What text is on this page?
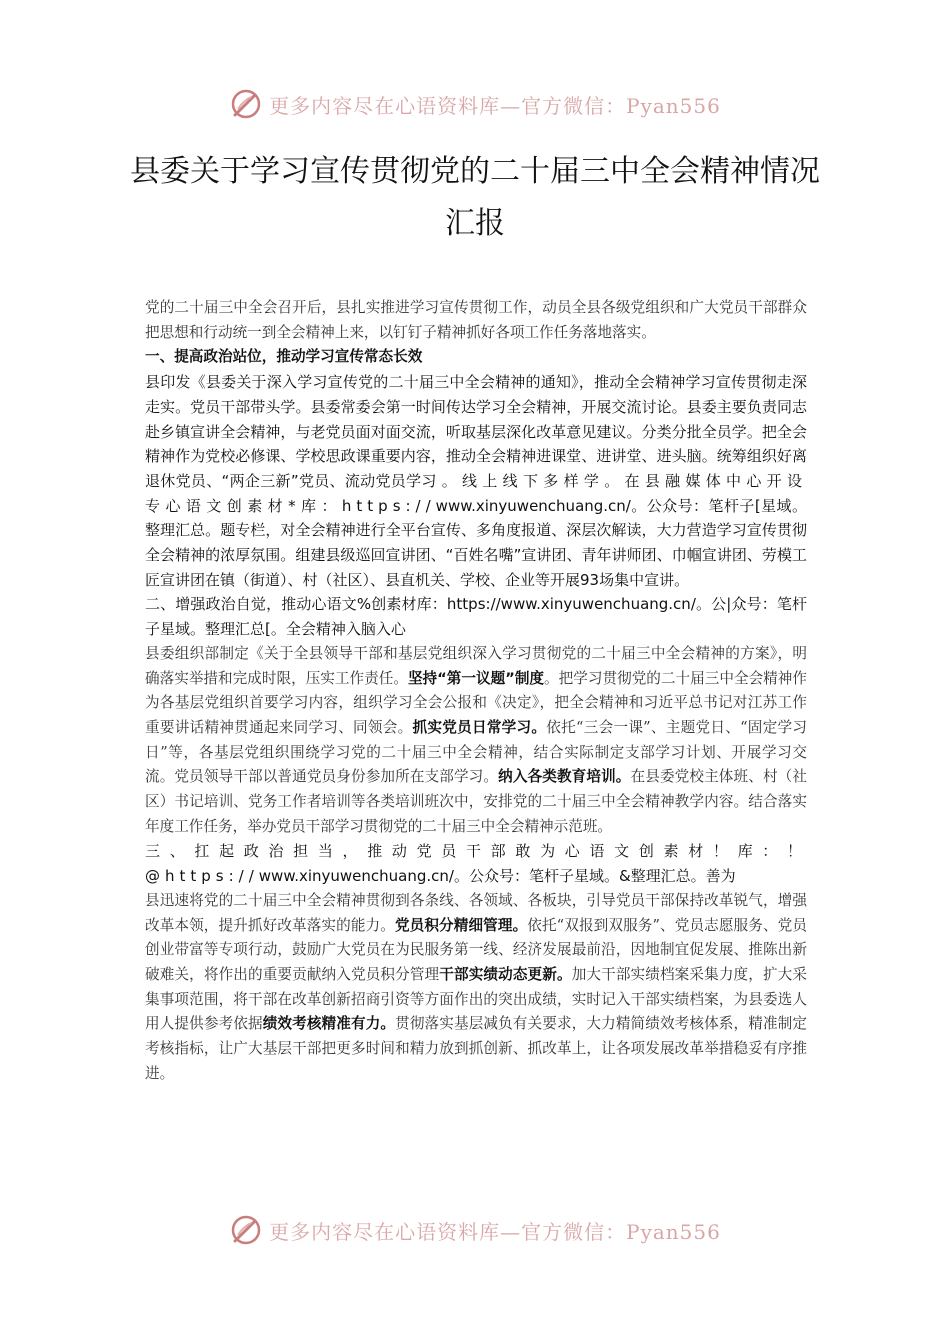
更多内容尽在心语资料库—官方微信：Pyan556
县委关于学习宣传贯彻党的二十届三中全会精神情况
汇报

党的二十届三中全会召开后，县扎实推进学习宣传贯彻工作，动员全县各级党组织和广大党员干部群众把思想和行动统一到全会精神上来，以钉钉子精神抓好各项工作任务落地落实。

一、提高政治站位，推动学习宣传常态长效

县印发《县委关于深入学习宣传党的二十届三中全会精神的通知》，推动全会精神学习宣传贯彻走深走实。党员干部带头学。县委常委会第一时间传达学习全会精神，开展交流讨论。县委主要负责同志赴乡镇宣讲全会精神，与老党员面对面交流，听取基层深化改革意见建议。分类分批全员学。把全会精神作为党校必修课、学校思政课重要内容，推动全会精神进课堂、进讲堂、进头脑。统筹组织好离退休党员、“两企三新”党员、流动党员学习。线上线下多样学。在县融媒体中心开设专心语文创素材*库：https://www.xinyuwenchuang.cn/。公众号：笔杆子[星域。整理汇总。题专栏，对全会精神进行全平台宣传、多角度报道、深层次解读，大力营造学习宣传贯彻全会精神的浓厚氛围。组建县级巡回宣讲团、“百姓名嘴”宣讲团、青年讲师团、巾帼宣讲团、劳模工匠宣讲团在镇（街道）、村（社区）、县直机关、学校、企业等开展93场集中宣讲。

二、增强政治自觉，推动心语文%创素材库：https://www.xinyuwenchuang.cn/。公|众号：笔杆子星域。整理汇总[。全会精神入脑入心

县委组织部制定《关于全县领导干部和基层党组织深入学习贯彻党的二十届三中全会精神的方案》，明确落实举措和完成时限，压实工作责任。坚持“第一议题”制度。把学习贯彻党的二十届三中全会精神作为各基层党组织首要学习内容，组织学习全会公报和《决定》，把全会精神和习近平总书记对江苏工作重要讲话精神贯通起来同学习、同领会。抓实党员日常学习。依托“三会一课”、主题党日、“固定学习日”等，各基层党组织围绕学习党的二十届三中全会精神，结合实际制定支部学习计划、开展学习交流。党员领导干部以普通党员身份参加所在支部学习。纳入各类教育培训。在县委党校主体班、村（社区）书记培训、党务工作者培训等各类培训班次中，安排党的二十届三中全会精神教学内容。结合落实年度工作任务，举办党员干部学习贯彻党的二十届三中全会精神示范班。

三、扛起政治担当，推动党员干部敢为心语文创素材！库：！@https://www.xinyuwenchuang.cn/。公众号：笔杆子星域。&整理汇总。善为

县迅速将党的二十届三中全会精神贯彻到各条线、各领域、各板块，引导党员干部保持改革锐气，增强改革本领，提升抓好改革落实的能力。党员积分精细管理。依托“双报到双服务”、党员志愿服务、党员创业带富等专项行动，鼓励广大党员在为民服务第一线、经济发展最前沿，因地制宜促发展、推陈出新破难关，将作出的重要贡献纳入党员积分管理干部实绩动态更新。加大干部实绩档案采集力度，扩大采集事项范围，将干部在改革创新招商引资等方面作出的突出成绩，实时记入干部实绩档案，为县委选人用人提供参考依据绩效考核精准有力。贯彻落实基层减负有关要求，大力精简绩效考核体系，精准制定考核指标，让广大基层干部把更多时间和精力放到抓创新、抓改革上，让各项发展改革举措稳妥有序推进。

更多内容尽在心语资料库—官方微信：Pyan556
